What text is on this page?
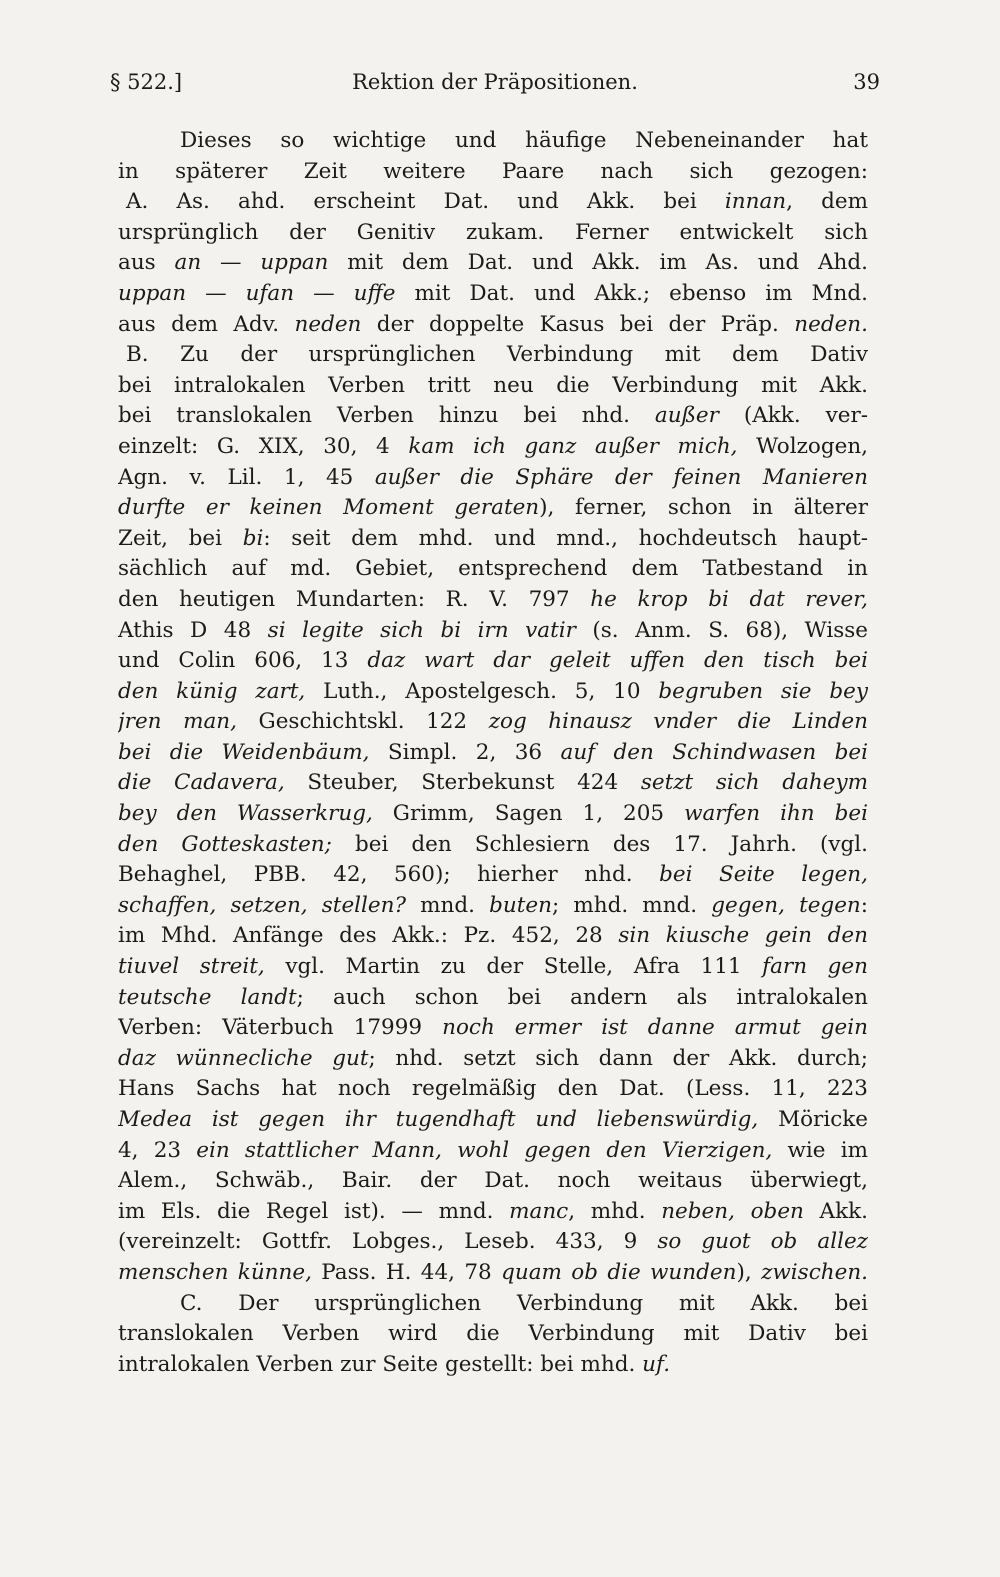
§ 522.]	Rektion der Präpositionen.	39
Dieses so wichtige und häufige Nebeneinander hat
in späterer Zeit weitere Paare nach sich gezogen:
A. As. ahd. erscheint Dat. und Akk. bei innan, dem
ursprünglich der Genitiv zukam. Ferner entwickelt sich
aus an — uppan mit dem Dat. und Akk. im As. und Ahd.
uppan — ufan — uffe mit Dat. und Akk.; ebenso im Mnd.
aus dem Adv. neden der doppelte Kasus bei der Präp. neden.
B. Zu der ursprünglichen Verbindung mit dem Dativ
bei intralokalen Verben tritt neu die Verbindung mit Akk.
bei translokalen Verben hinzu bei nhd. außer (Akk. ver-
einzelt: G. XIX, 30, 4 kam ich ganz außer mich, Wolzogen,
Agn. v. Lil. 1, 45 außer die Sphäre der feinen Manieren
durfte er keinen Moment geraten), ferner, schon in älterer
Zeit, bei bi: seit dem mhd. und mnd., hochdeutsch haupt-
sächlich auf md. Gebiet, entsprechend dem Tatbestand in
den heutigen Mundarten: R. V. 797 he krop bi dat rever,
Athis D 48 si legite sich bi irn vatir (s. Anm. S. 68), Wisse
und Colin 606, 13 daz wart dar geleit uffen den tisch bei
den künig zart, Luth., Apostelgesch. 5, 10 begruben sie bey
jren man, Geschichtskl. 122 zog hinausz vnder die Linden
bei die Weidenbäum, Simpl. 2, 36 auf den Schindwasen bei
die Cadavera, Steuber, Sterbekunst 424 setzt sich daheym
bey den Wasserkrug, Grimm, Sagen 1, 205 warfen ihn bei
den Gotteskasten; bei den Schlesiern des 17. Jahrh. (vgl.
Behaghel, PBB. 42, 560); hierher nhd. bei Seite legen,
schaffen, setzen, stellen? mnd. buten; mhd. mnd. gegen, tegen:
im Mhd. Anfänge des Akk.: Pz. 452, 28 sin kiusche gein den
tiuvel streit, vgl. Martin zu der Stelle, Afra 111 farn gen
teutsche landt; auch schon bei andern als intralokalen
Verben: Väterbuch 17999 noch ermer ist danne armut gein
daz wünnecliche gut; nhd. setzt sich dann der Akk. durch;
Hans Sachs hat noch regelmäßig den Dat. (Less. 11, 223
Medea ist gegen ihr tugendhaft und liebenswürdig, Möricke
4, 23 ein stattlicher Mann, wohl gegen den Vierzigen, wie im
Alem., Schwäb., Bair. der Dat. noch weitaus überwiegt,
im Els. die Regel ist). — mnd. manc, mhd. neben, oben Akk.
(vereinzelt: Gottfr. Lobges., Leseb. 433, 9 so guot ob allez
menschen künne, Pass. H. 44, 78 quam ob die wunden), zwischen.
C. Der ursprünglichen Verbindung mit Akk. bei
translokalen Verben wird die Verbindung mit Dativ bei
intralokalen Verben zur Seite gestellt: bei mhd. uf.
